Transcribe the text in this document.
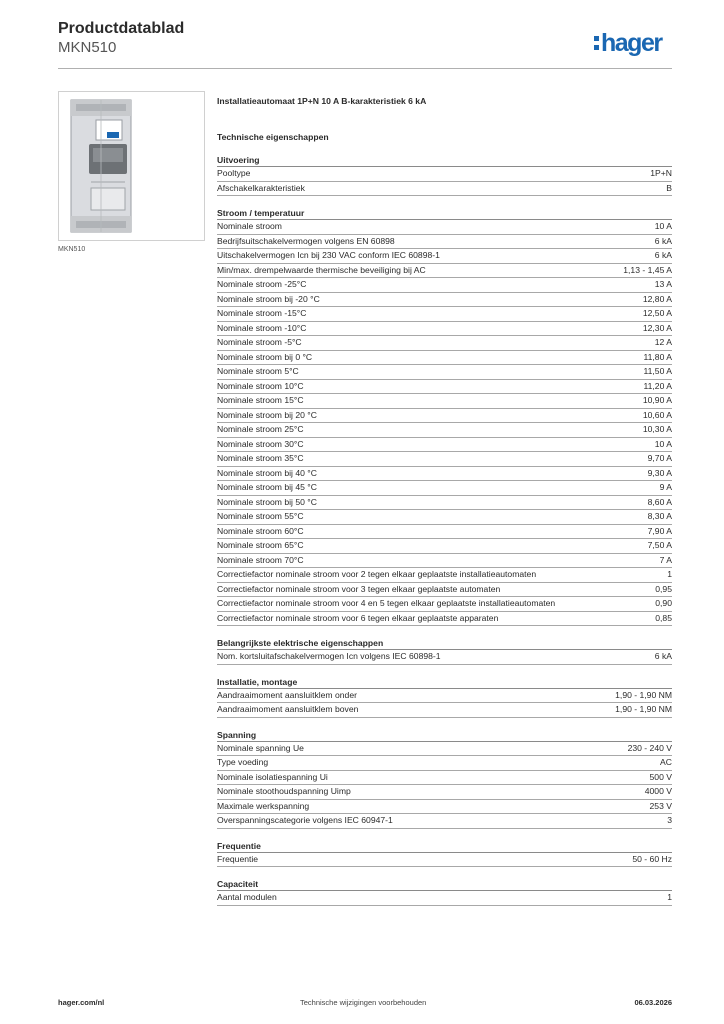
Productdatablad
MKN510	hager
MKN510
Installatieautomaat 1P+N 10 A B-karakteristiek 6 kA
Technische eigenschappen
Uitvoering
Pooltype	1P+N
Afschakelkarakteristiek	B
Stroom / temperatuur
Nominale stroom	10 A
Bedrijfsuitschakelvermogen volgens EN 60898	6 kA
Uitschakelvermogen Icn bij 230 VAC conform IEC 60898-1	6 kA
Min/max. drempelwaarde thermische beveiliging bij AC	1,13 - 1,45 A
Nominale stroom -25°C	13 A
Nominale stroom bij -20 °C	12,80 A
Nominale stroom -15°C	12,50 A
Nominale stroom -10°C	12,30 A
Nominale stroom -5°C	12 A
Nominale stroom bij 0 °C	11,80 A
Nominale stroom 5°C	11,50 A
Nominale stroom 10°C	11,20 A
Nominale stroom 15°C	10,90 A
Nominale stroom bij 20 °C	10,60 A
Nominale stroom 25°C	10,30 A
Nominale stroom 30°C	10 A
Nominale stroom 35°C	9,70 A
Nominale stroom bij 40 °C	9,30 A
Nominale stroom bij 45 °C	9 A
Nominale stroom bij 50 °C	8,60 A
Nominale stroom 55°C	8,30 A
Nominale stroom 60°C	7,90 A
Nominale stroom 65°C	7,50 A
Nominale stroom 70°C	7 A
Correctiefactor nominale stroom voor 2 tegen elkaar geplaatste installatieautomaten	1
Correctiefactor nominale stroom voor 3 tegen elkaar geplaatste automaten	0,95
Correctiefactor nominale stroom voor 4 en 5 tegen elkaar geplaatste installatieautomaten	0,90
Correctiefactor nominale stroom voor 6 tegen elkaar geplaatste apparaten	0,85
Belangrijkste elektrische eigenschappen
Nom. kortsluitafschakelvermogen Icn volgens IEC 60898-1	6 kA
Installatie, montage
Aandraaimoment aansluitklem onder	1,90 - 1,90 NM
Aandraaimoment aansluitklem boven	1,90 - 1,90 NM
Spanning
Nominale spanning Ue	230 - 240 V
Type voeding	AC
Nominale isolatiespanning Ui	500 V
Nominale stoothoudspanning Uimp	4000 V
Maximale werkspanning	253 V
Overspanningscategorie volgens IEC 60947-1	3
Frequentie
Frequentie	50 - 60 Hz
Capaciteit
Aantal modulen	1
hager.com/nl	Technische wijzigingen voorbehouden	06.03.2026
